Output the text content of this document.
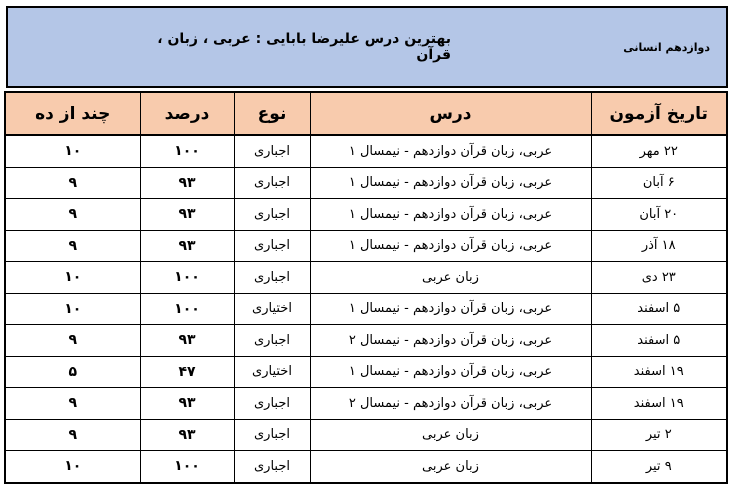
دوازدهم انسانی
بهترین درس علیرضا بابایی : عربی ، زبان ، قرآن
تاریخ آزمون	درس	نوع	درصد	چند از ده
۲۲ مهر	عربی، زبان قرآن دوازدهم - نیمسال ۱	اجباری	۱۰۰	۱۰
۶ آبان	عربی، زبان قرآن دوازدهم - نیمسال ۱	اجباری	۹۳	۹
۲۰ آبان	عربی، زبان قرآن دوازدهم - نیمسال ۱	اجباری	۹۳	۹
۱۸ آذر	عربی، زبان قرآن دوازدهم - نیمسال ۱	اجباری	۹۳	۹
۲۳ دی	زبان عربی	اجباری	۱۰۰	۱۰
۵ اسفند	عربی، زبان قرآن دوازدهم - نیمسال ۱	اختیاری	۱۰۰	۱۰
۵ اسفند	عربی، زبان قرآن دوازدهم - نیمسال ۲	اجباری	۹۳	۹
۱۹ اسفند	عربی، زبان قرآن دوازدهم - نیمسال ۱	اختیاری	۴۷	۵
۱۹ اسفند	عربی، زبان قرآن دوازدهم - نیمسال ۲	اجباری	۹۳	۹
۲ تیر	زبان عربی	اجباری	۹۳	۹
۹ تیر	زبان عربی	اجباری	۱۰۰	۱۰
